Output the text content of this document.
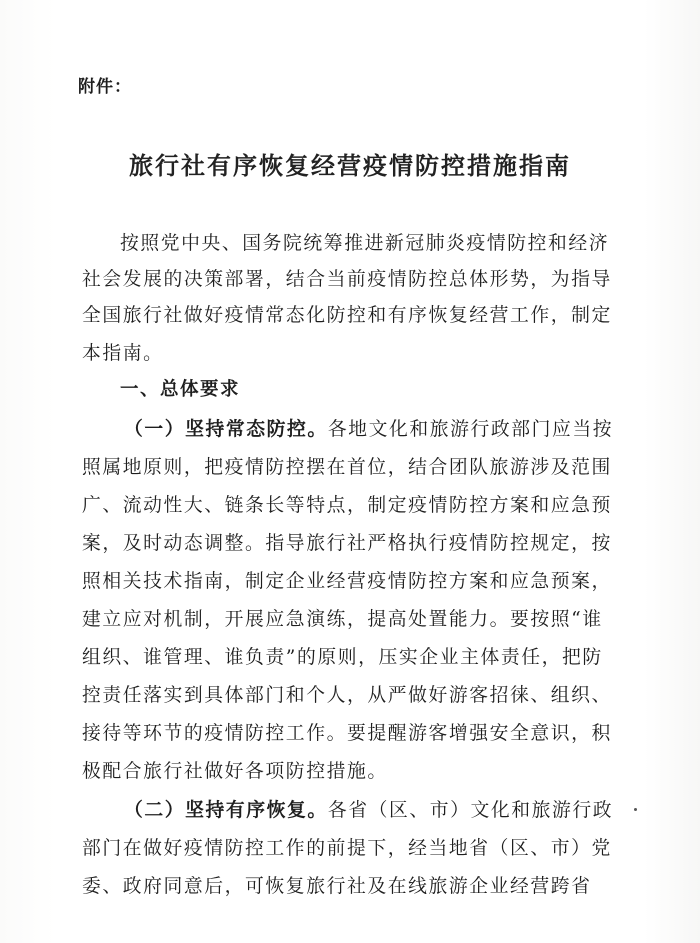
附件：
旅行社有序恢复经营疫情防控措施指南
按照党中央、国务院统筹推进新冠肺炎疫情防控和经济
社会发展的决策部署，结合当前疫情防控总体形势，为指导
全国旅行社做好疫情常态化防控和有序恢复经营工作，制定
本指南。
一、总体要求
（一）坚持常态防控。各地文化和旅游行政部门应当按
照属地原则，把疫情防控摆在首位，结合团队旅游涉及范围
广、流动性大、链条长等特点，制定疫情防控方案和应急预
案，及时动态调整。指导旅行社严格执行疫情防控规定，按
照相关技术指南，制定企业经营疫情防控方案和应急预案，
建立应对机制，开展应急演练，提高处置能力。要按照“谁
组织、谁管理、谁负责”的原则，压实企业主体责任，把防
控责任落实到具体部门和个人，从严做好游客招徕、组织、
接待等环节的疫情防控工作。要提醒游客增强安全意识，积
极配合旅行社做好各项防控措施。
（二）坚持有序恢复。各省（区、市）文化和旅游行政
部门在做好疫情防控工作的前提下，经当地省（区、市）党
委、政府同意后，可恢复旅行社及在线旅游企业经营跨省
